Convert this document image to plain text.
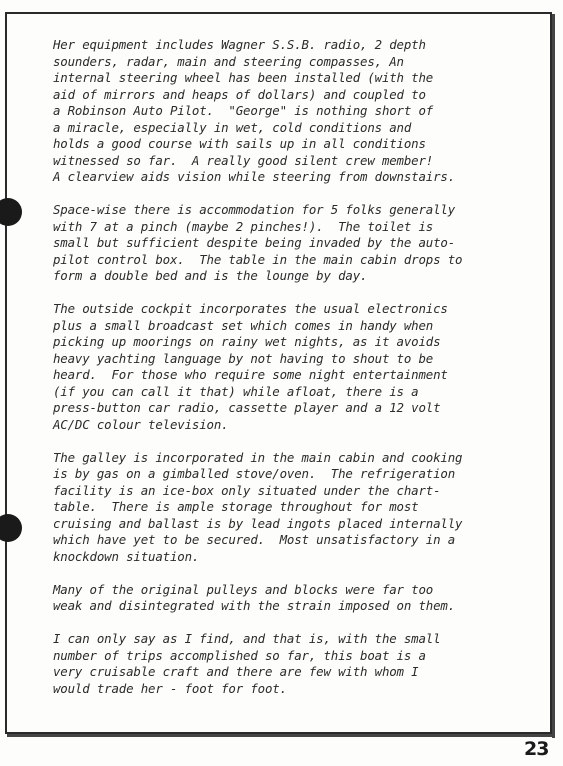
Her equipment includes Wagner S.S.B. radio, 2 depth
sounders, radar, main and steering compasses, An
internal steering wheel has been installed (with the
aid of mirrors and heaps of dollars) and coupled to
a Robinson Auto Pilot.  "George" is nothing short of
a miracle, especially in wet, cold conditions and
holds a good course with sails up in all conditions
witnessed so far.  A really good silent crew member!
A clearview aids vision while steering from downstairs.
Space-wise there is accommodation for 5 folks generally
with 7 at a pinch (maybe 2 pinches!).  The toilet is
small but sufficient despite being invaded by the auto-
pilot control box.  The table in the main cabin drops to
form a double bed and is the lounge by day.
The outside cockpit incorporates the usual electronics
plus a small broadcast set which comes in handy when
picking up moorings on rainy wet nights, as it avoids
heavy yachting language by not having to shout to be
heard.  For those who require some night entertainment
(if you can call it that) while afloat, there is a
press-button car radio, cassette player and a 12 volt
AC/DC colour television.
The galley is incorporated in the main cabin and cooking
is by gas on a gimballed stove/oven.  The refrigeration
facility is an ice-box only situated under the chart-
table.  There is ample storage throughout for most
cruising and ballast is by lead ingots placed internally
which have yet to be secured.  Most unsatisfactory in a
knockdown situation.
Many of the original pulleys and blocks were far too
weak and disintegrated with the strain imposed on them.
I can only say as I find, and that is, with the small
number of trips accomplished so far, this boat is a
very cruisable craft and there are few with whom I
would trade her - foot for foot.
23
